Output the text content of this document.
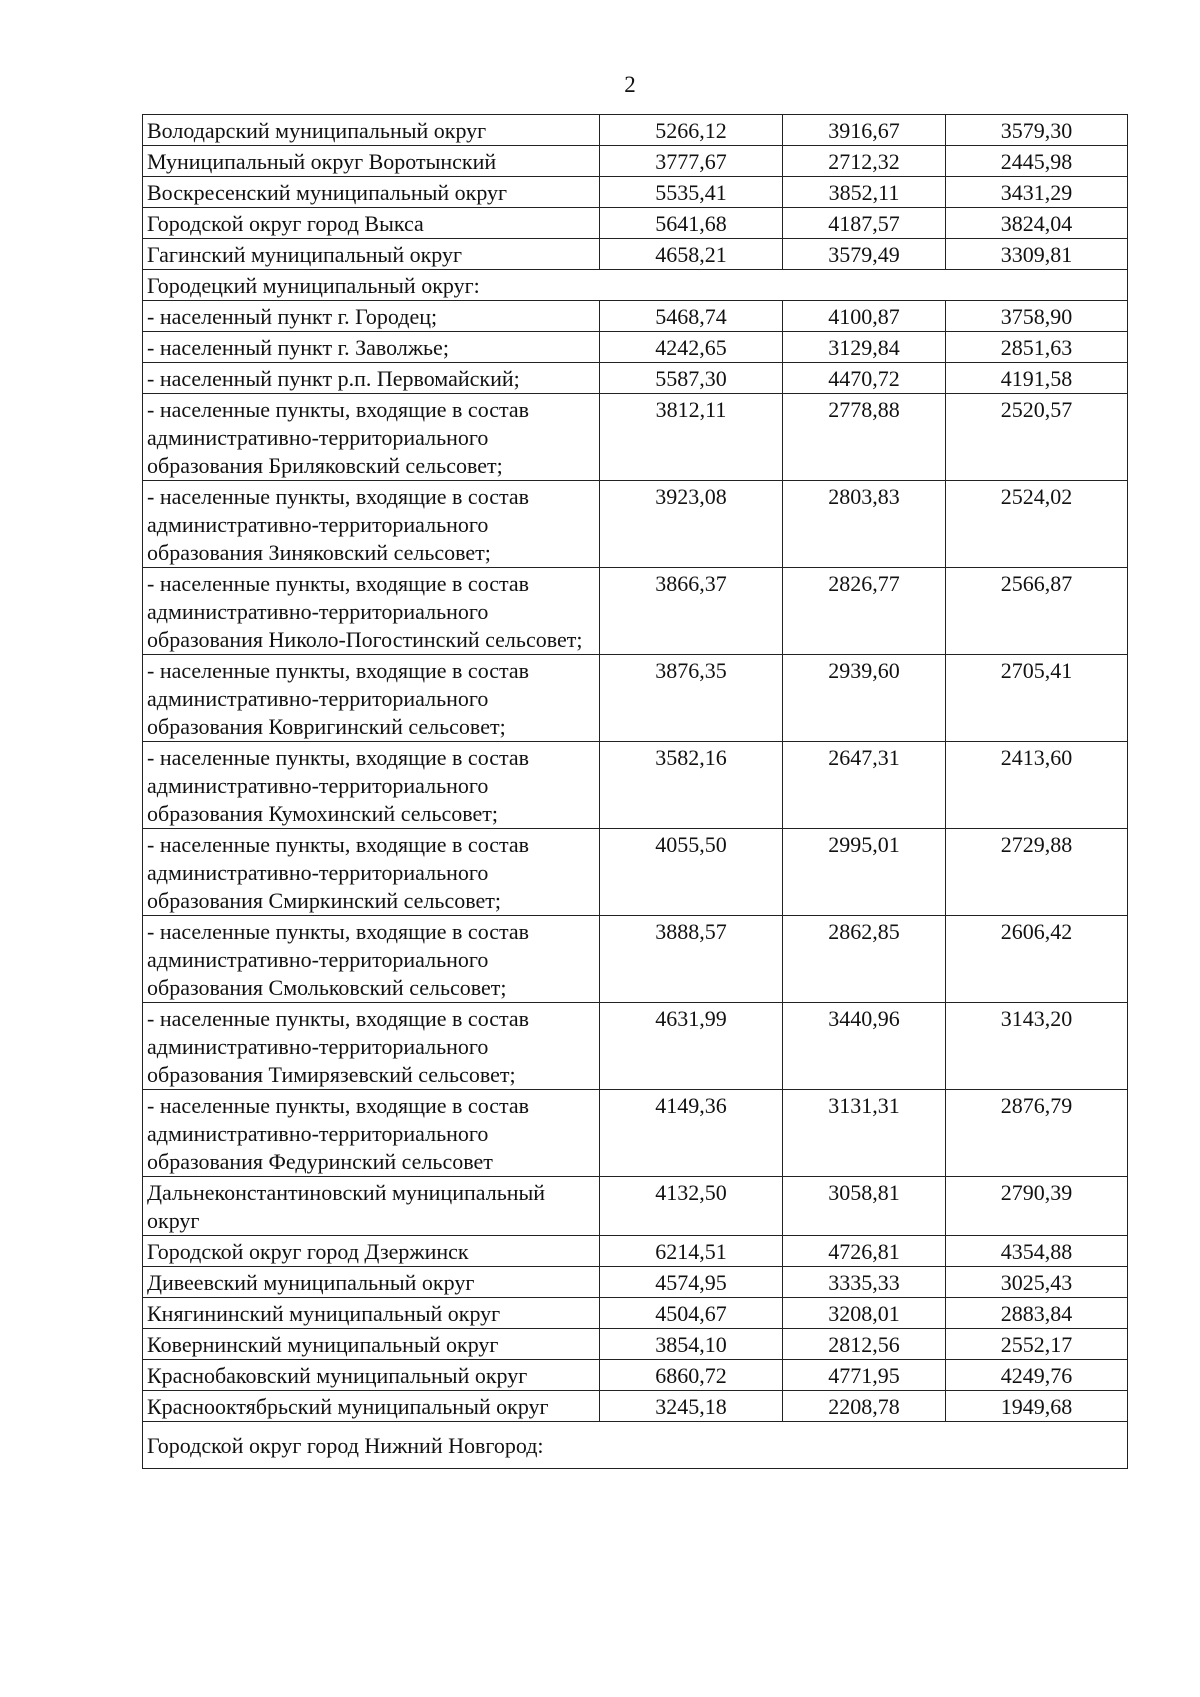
2
Володарский муниципальный округ	5266,12	3916,67	3579,30
Муниципальный округ Воротынский	3777,67	2712,32	2445,98
Воскресенский муниципальный округ	5535,41	3852,11	3431,29
Городской округ город Выкса	5641,68	4187,57	3824,04
Гагинский муниципальный округ	4658,21	3579,49	3309,81
Городецкий муниципальный округ:			
- населенный пункт г. Городец;	5468,74	4100,87	3758,90
- населенный пункт г. Заволжье;	4242,65	3129,84	2851,63
- населенный пункт р.п. Первомайский;	5587,30	4470,72	4191,58
- населенные пункты, входящие в состав административно-территориального образования Бриляковский сельсовет;	3812,11	2778,88	2520,57
- населенные пункты, входящие в состав административно-территориального образования Зиняковский сельсовет;	3923,08	2803,83	2524,02
- населенные пункты, входящие в состав административно-территориального образования Николо-Погостинский сельсовет;	3866,37	2826,77	2566,87
- населенные пункты, входящие в состав административно-территориального образования Ковригинский сельсовет;	3876,35	2939,60	2705,41
- населенные пункты, входящие в состав административно-территориального образования Кумохинский сельсовет;	3582,16	2647,31	2413,60
- населенные пункты, входящие в состав административно-территориального образования Смиркинский сельсовет;	4055,50	2995,01	2729,88
- населенные пункты, входящие в состав административно-территориального образования Смольковский сельсовет;	3888,57	2862,85	2606,42
- населенные пункты, входящие в состав административно-территориального образования Тимирязевский сельсовет;	4631,99	3440,96	3143,20
- населенные пункты, входящие в состав административно-территориального образования Федуринский сельсовет	4149,36	3131,31	2876,79
Дальнеконстантиновский муниципальный округ	4132,50	3058,81	2790,39
Городской округ город Дзержинск	6214,51	4726,81	4354,88
Дивеевский муниципальный округ	4574,95	3335,33	3025,43
Княгининский муниципальный округ	4504,67	3208,01	2883,84
Ковернинский муниципальный округ	3854,10	2812,56	2552,17
Краснобаковский муниципальный округ	6860,72	4771,95	4249,76
Краснооктябрьский муниципальный округ	3245,18	2208,78	1949,68
Городской округ город Нижний Новгород:			
